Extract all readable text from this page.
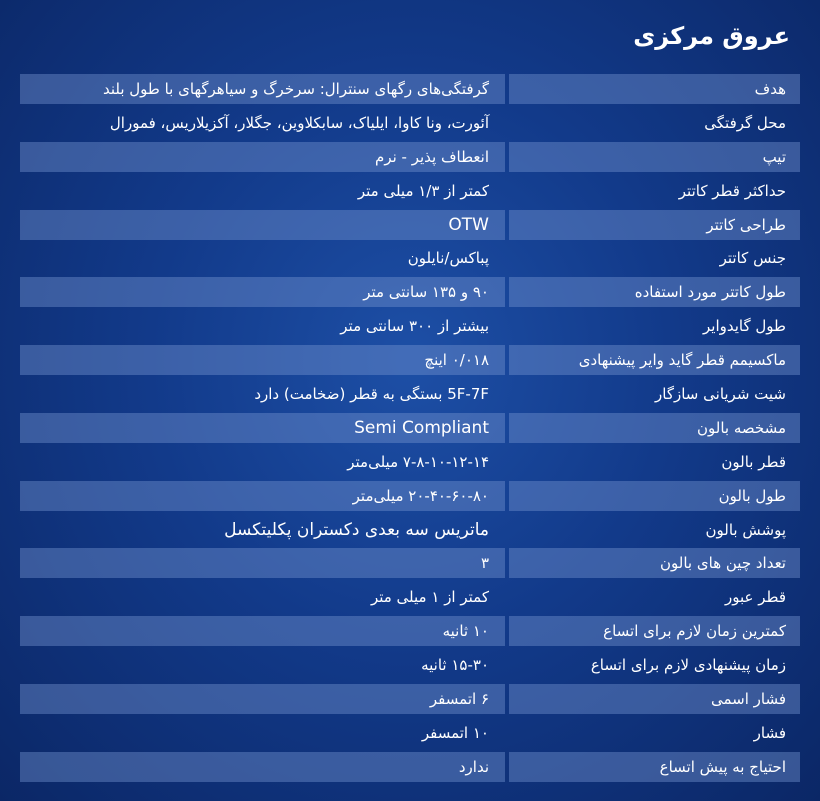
عروق مرکزی
هدف
گرفتگی‌های رگهای سنترال: سرخرگ و سیاهرگهای با طول بلند
محل گرفتگی
آئورت، ونا کاوا، ایلیاک، سابکلاوین، جگلار، آکزیلاریس، فمورال
تیپ
انعطاف پذیر - نرم
حداکثر قطر کاتتر
کمتر از ۱/۳ میلی متر
طراحی کاتتر
OTW
جنس کاتتر
پباکس/نایلون
طول کاتتر مورد استفاده
۹۰ و ۱۳۵ سانتی متر
طول گایدوایر
بیشتر از ۳۰۰ سانتی متر
ماکسیمم قطر گاید وایر پیشنهادی
۰/۰۱۸ اینچ
شیت شریانی سازگار
5F-7F بستگی به قطر (ضخامت) دارد
مشخصه بالون
Semi Compliant
قطر بالون
۷-۸-۱۰-۱۲-۱۴ میلی‌متر
طول بالون
۲۰-۴۰-۶۰-۸۰ میلی‌متر
پوشش بالون
ماتریس سه بعدی دکستران پکلیتکسل
تعداد چین های بالون
۳
قطر عبور
کمتر از ۱ میلی متر
کمترین زمان لازم برای اتساع
۱۰ ثانیه
زمان پیشنهادی لازم برای اتساع
۱۵-۳۰ ثانیه
فشار اسمی
۶ اتمسفر
فشار
۱۰ اتمسفر
احتیاج به پیش اتساع
ندارد
